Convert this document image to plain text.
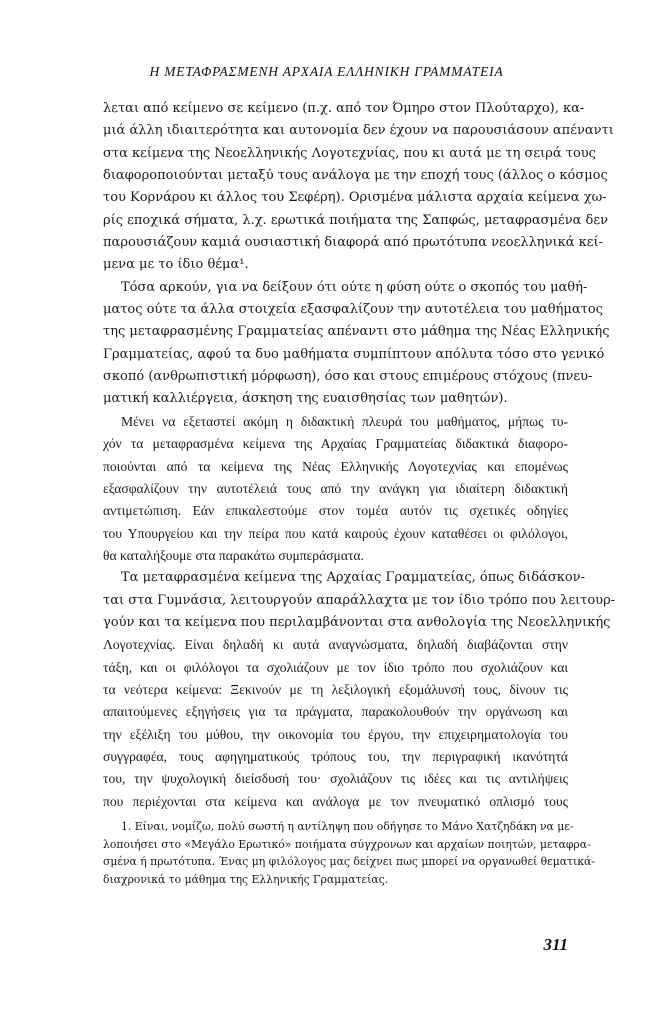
Η ΜΕΤΑΦΡΑΣΜΕΝΗ ΑΡΧΑΙΑ ΕΛΛΗΝΙΚΗ ΓΡΑΜΜΑΤΕΙΑ
λεται από κείμενο σε κείμενο (π.χ. από τον Όμηρο στον Πλούταρχο), κα-
μιά άλλη ιδιαιτερότητα και αυτονομία δεν έχουν να παρουσιάσουν απέναντι
στα κείμενα της Νεοελληνικής Λογοτεχνίας, που κι αυτά με τη σειρά τους
διαφοροποιούνται μεταξύ τους ανάλογα με την εποχή τους (άλλος ο κόσμος
του Κορνάρου κι άλλος του Σεφέρη). Ορισμένα μάλιστα αρχαία κείμενα χω-
ρίς εποχικά σήματα, λ.χ. ερωτικά ποιήματα της Σαπφώς, μεταφρασμένα δεν
παρουσιάζουν καμιά ουσιαστική διαφορά από πρωτότυπα νεοελληνικά κεί-
μενα με το ίδιο θέμα¹.
Τόσα αρκούν, για να δείξουν ότι ούτε η φύση ούτε ο σκοπός του μαθή-
ματος ούτε τα άλλα στοιχεία εξασφαλίζουν την αυτοτέλεια του μαθήματος
της μεταφρασμένης Γραμματείας απέναντι στο μάθημα της Νέας Ελληνικής
Γραμματείας, αφού τα δυο μαθήματα συμπίπτουν απόλυτα τόσο στο γενικό
σκοπό (ανθρωπιστική μόρφωση), όσο και στους επιμέρους στόχους (πνευ-
ματική καλλιέργεια, άσκηση της ευαισθησίας των μαθητών).
Μένει να εξεταστεί ακόμη η διδακτική πλευρά του μαθήματος, μήπως τυ-
χόν τα μεταφρασμένα κείμενα της Αρχαίας Γραμματείας διδακτικά διαφορο-
ποιούνται από τα κείμενα της Νέας Ελληνικής Λογοτεχνίας και επομένως
εξασφαλίζουν την αυτοτέλειά τους από την ανάγκη για ιδιαίτερη διδακτική
αντιμετώπιση. Εάν επικαλεστούμε στον τομέα αυτόν τις σχετικές οδηγίες
του Υπουργείου και την πείρα που κατά καιρούς έχουν καταθέσει οι φιλόλογοι,
θα καταλήξουμε στα παρακάτω συμπεράσματα.
Τα μεταφρασμένα κείμενα της Αρχαίας Γραμματείας, όπως διδάσκον-
ται στα Γυμνάσια, λειτουργούν απαράλλαχτα με τον ίδιο τρόπο που λειτουρ-
γούν και τα κείμενα που περιλαμβάνονται στα ανθολογία της Νεοελληνικής
Λογοτεχνίας. Είναι δηλαδή κι αυτά αναγνώσματα, δηλαδή διαβάζονται στην
τάξη, και οι φιλόλογοι τα σχολιάζουν με τον ίδιο τρόπο που σχολιάζουν και
τα νεότερα κείμενα: Ξεκινούν με τη λεξιλογική εξομάλυνσή τους, δίνουν τις
απαιτούμενες εξηγήσεις για τα πράγματα, παρακολουθούν την οργάνωση και
την εξέλιξη του μύθου, την οικονομία του έργου, την επιχειρηματολογία του
συγγραφέα, τους αφηγηματικούς τρόπους του, την περιγραφική ικανότητά
του, την ψυχολογική διείσδυσή του· σχολιάζουν τις ιδέες και τις αντιλήψεις
που περιέχονται στα κείμενα και ανάλογα με τον πνευματικό οπλισμό τους
1. Είναι, νομίζω, πολύ σωστή η αντίληψη που οδήγησε το Μάνο Χατζηδάκη να με-
λοποιήσει στο «Μεγάλο Ερωτικό» ποιήματα σύγχρονων και αρχαίων ποιητών, μεταφρα-
σμένα ή πρωτότυπα. Ένας μη φιλόλογος μας δείχνει πως μπορεί να οργανωθεί θεματικά-
διαχρονικά το μάθημα της Ελληνικής Γραμματείας.
311
